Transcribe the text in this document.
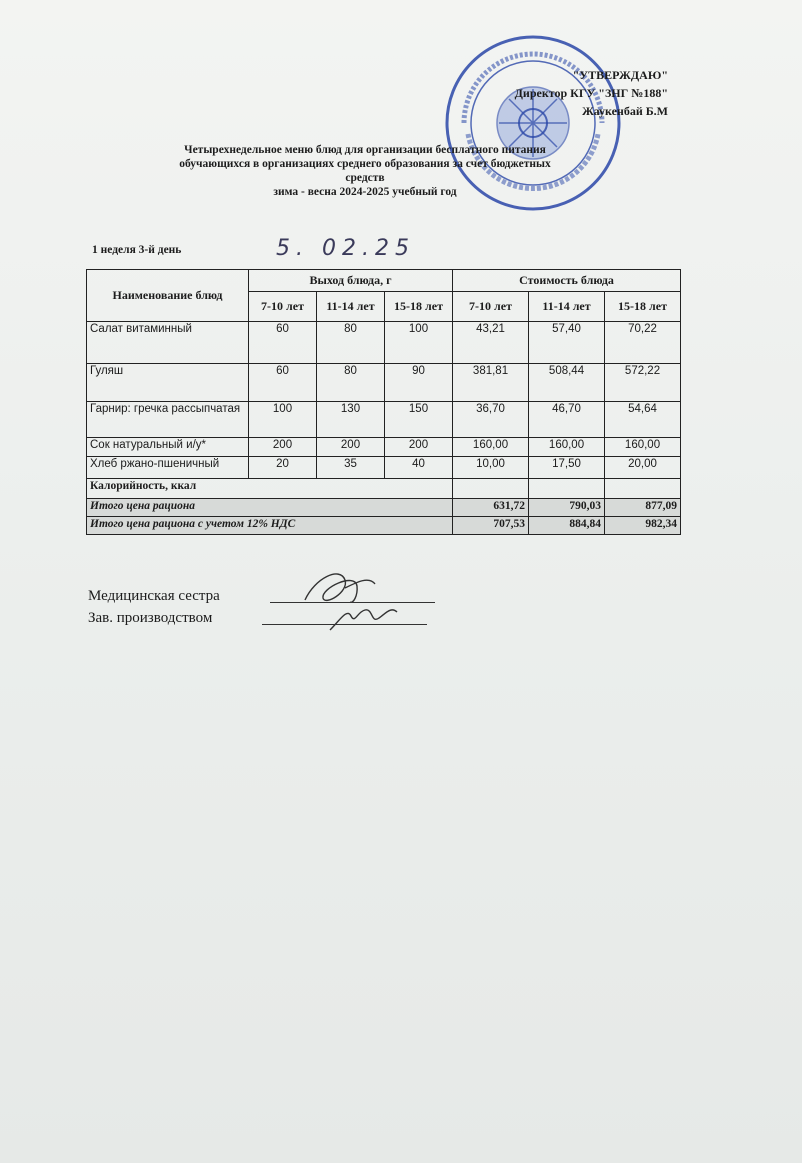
"УТВЕРЖДАЮ"
Директор КГУ "ЗНГ №188"
Жаукенбай Б.М
Четырехнедельное меню блюд для организации бесплатного питания
обучающихся в организациях среднего образования за счет бюджетных
средств
зима - весна 2024-2025 учебный год
1 неделя 3-й день	5. 02.25
Наименование блюд	Выход блюда, г			Стоимость блюда		
	7-10 лет	11-14 лет	15-18 лет	7-10 лет	11-14 лет	15-18 лет
Салат витаминный	60	80	100	43,21	57,40	70,22
Гуляш	60	80	90	381,81	508,44	572,22
Гарнир: гречка рассыпчатая	100	130	150	36,70	46,70	54,64
Сок натуральный и/у*	200	200	200	160,00	160,00	160,00
Хлеб ржано-пшеничный	20	35	40	10,00	17,50	20,00
Калорийность, ккал						
Итого цена рациона				631,72	790,03	877,09
Итого цена рациона с учетом 12% НДС				707,53	884,84	982,34
Медицинская сестра
Зав. производством
